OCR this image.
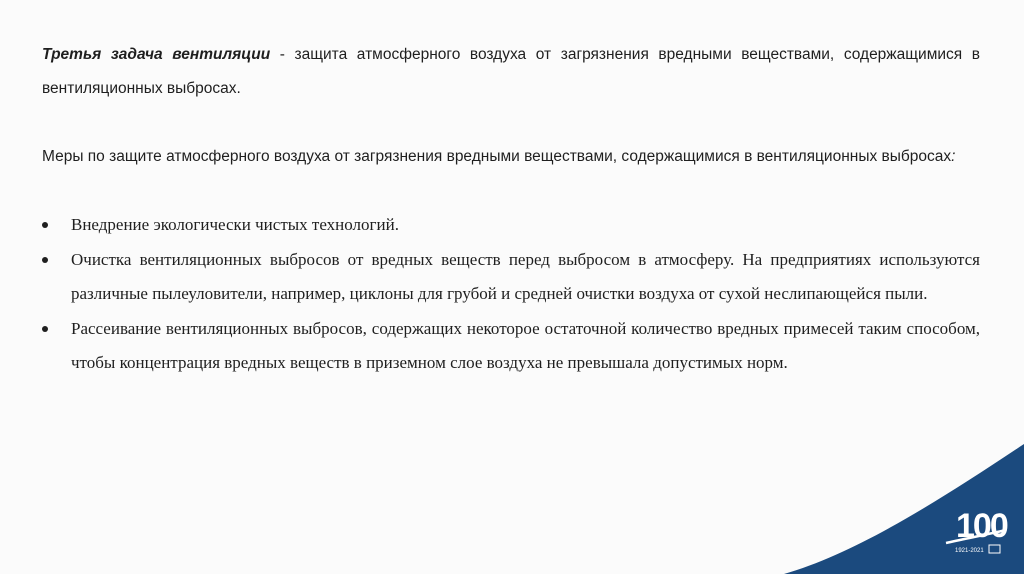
Третья задача вентиляции - защита атмосферного воздуха от загрязнения вредными веществами, содержащимися в вентиляционных выбросах.

Меры по защите атмосферного воздуха от загрязнения вредными веществами, содержащимися в вентиляционных выбросах:

Внедрение экологически чистых технологий.
Очистка вентиляционных выбросов от вредных веществ перед выбросом в атмосферу. На предприятиях используются различные пылеуловители, например, циклоны для грубой и средней очистки воздуха от сухой неслипающейся пыли.
Рассеивание вентиляционных выбросов, содержащих некоторое остаточной количество вредных примесей таким способом, чтобы концентрация вредных веществ в приземном слое воздуха не превышала допустимых норм.
100
1921-2021
